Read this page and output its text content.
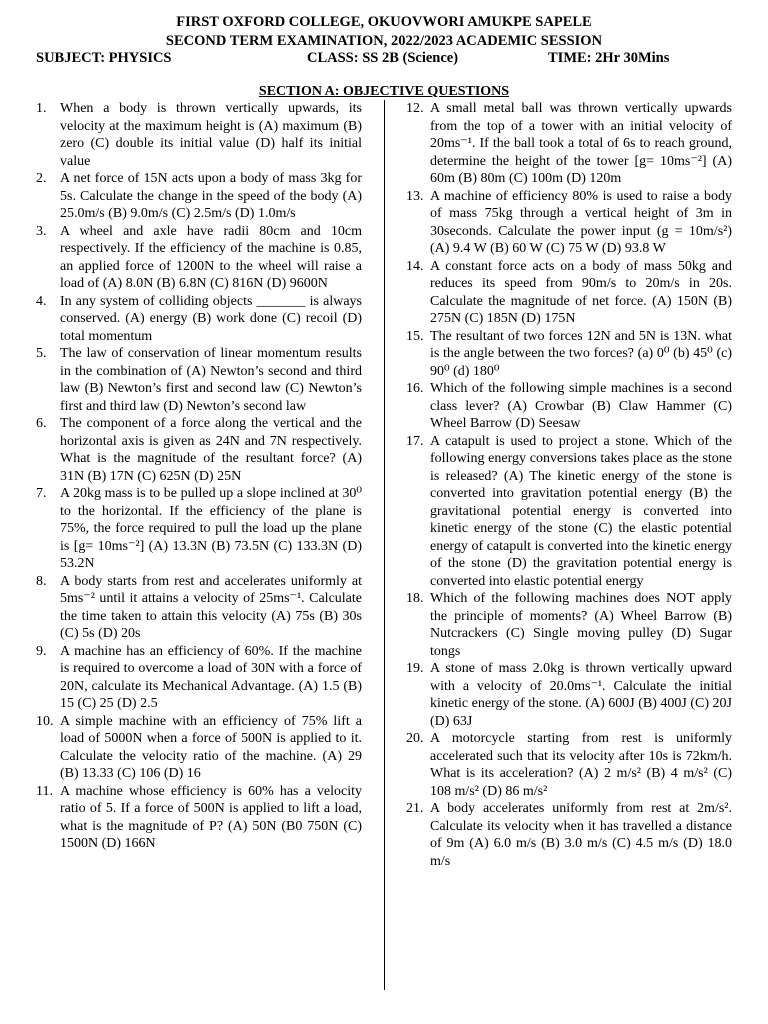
FIRST OXFORD COLLEGE, OKUOVWORI AMUKPE SAPELE
SECOND TERM EXAMINATION, 2022/2023 ACADEMIC SESSION
SUBJECT: PHYSICS	CLASS: SS 2B (Science)	TIME: 2Hr 30Mins
SECTION A: OBJECTIVE QUESTIONS
1. When a body is thrown vertically upwards, its velocity at the maximum height is (A) maximum (B) zero (C) double its initial value (D) half its initial value
2. A net force of 15N acts upon a body of mass 3kg for 5s. Calculate the change in the speed of the body (A) 25.0m/s (B) 9.0m/s (C) 2.5m/s (D) 1.0m/s
3. A wheel and axle have radii 80cm and 10cm respectively. If the efficiency of the machine is 0.85, an applied force of 1200N to the wheel will raise a load of (A) 8.0N (B) 6.8N (C) 816N (D) 9600N
4. In any system of colliding objects _______ is always conserved. (A) energy (B) work done (C) recoil (D) total momentum
5. The law of conservation of linear momentum results in the combination of (A) Newton’s second and third law (B) Newton’s first and second law (C) Newton’s first and third law (D) Newton’s second law
6. The component of a force along the vertical and the horizontal axis is given as 24N and 7N respectively. What is the magnitude of the resultant force? (A) 31N (B) 17N (C) 625N (D) 25N
7. A 20kg mass is to be pulled up a slope inclined at 30⁰ to the horizontal. If the efficiency of the plane is 75%, the force required to pull the load up the plane is [g= 10ms⁻²] (A) 13.3N (B) 73.5N (C) 133.3N (D) 53.2N
8. A body starts from rest and accelerates uniformly at 5ms⁻² until it attains a velocity of 25ms⁻¹. Calculate the time taken to attain this velocity (A) 75s (B) 30s (C) 5s (D) 20s
9. A machine has an efficiency of 60%. If the machine is required to overcome a load of 30N with a force of 20N, calculate its Mechanical Advantage. (A) 1.5 (B) 15 (C) 25 (D) 2.5
10. A simple machine with an efficiency of 75% lift a load of 5000N when a force of 500N is applied to it. Calculate the velocity ratio of the machine. (A) 29 (B) 13.33 (C) 106 (D) 16
11. A machine whose efficiency is 60% has a velocity ratio of 5. If a force of 500N is applied to lift a load, what is the magnitude of P? (A) 50N (B0 750N (C) 1500N (D) 166N
12. A small metal ball was thrown vertically upwards from the top of a tower with an initial velocity of 20ms⁻¹. If the ball took a total of 6s to reach ground, determine the height of the tower [g= 10ms⁻²] (A) 60m (B) 80m (C) 100m (D) 120m
13. A machine of efficiency 80% is used to raise a body of mass 75kg through a vertical height of 3m in 30seconds. Calculate the power input (g = 10m/s²) (A) 9.4 W (B) 60 W (C) 75 W (D) 93.8 W
14. A constant force acts on a body of mass 50kg and reduces its speed from 90m/s to 20m/s in 20s. Calculate the magnitude of net force. (A) 150N (B) 275N (C) 185N (D) 175N
15. The resultant of two forces 12N and 5N is 13N. what is the angle between the two forces? (a) 0⁰ (b) 45⁰ (c) 90⁰ (d) 180⁰
16. Which of the following simple machines is a second class lever? (A) Crowbar (B) Claw Hammer (C) Wheel Barrow (D) Seesaw
17. A catapult is used to project a stone. Which of the following energy conversions takes place as the stone is released? (A) The kinetic energy of the stone is converted into gravitation potential energy (B) the gravitational potential energy is converted into kinetic energy of the stone (C) the elastic potential energy of catapult is converted into the kinetic energy of the stone (D) the gravitation potential energy is converted into elastic potential energy
18. Which of the following machines does NOT apply the principle of moments? (A) Wheel Barrow (B) Nutcrackers (C) Single moving pulley (D) Sugar tongs
19. A stone of mass 2.0kg is thrown vertically upward with a velocity of 20.0ms⁻¹. Calculate the initial kinetic energy of the stone. (A) 600J (B) 400J (C) 20J (D) 63J
20. A motorcycle starting from rest is uniformly accelerated such that its velocity after 10s is 72km/h. What is its acceleration? (A) 2 m/s² (B) 4 m/s² (C) 108 m/s² (D) 86 m/s²
21. A body accelerates uniformly from rest at 2m/s². Calculate its velocity when it has travelled a distance of 9m (A) 6.0 m/s (B) 3.0 m/s (C) 4.5 m/s (D) 18.0 m/s
